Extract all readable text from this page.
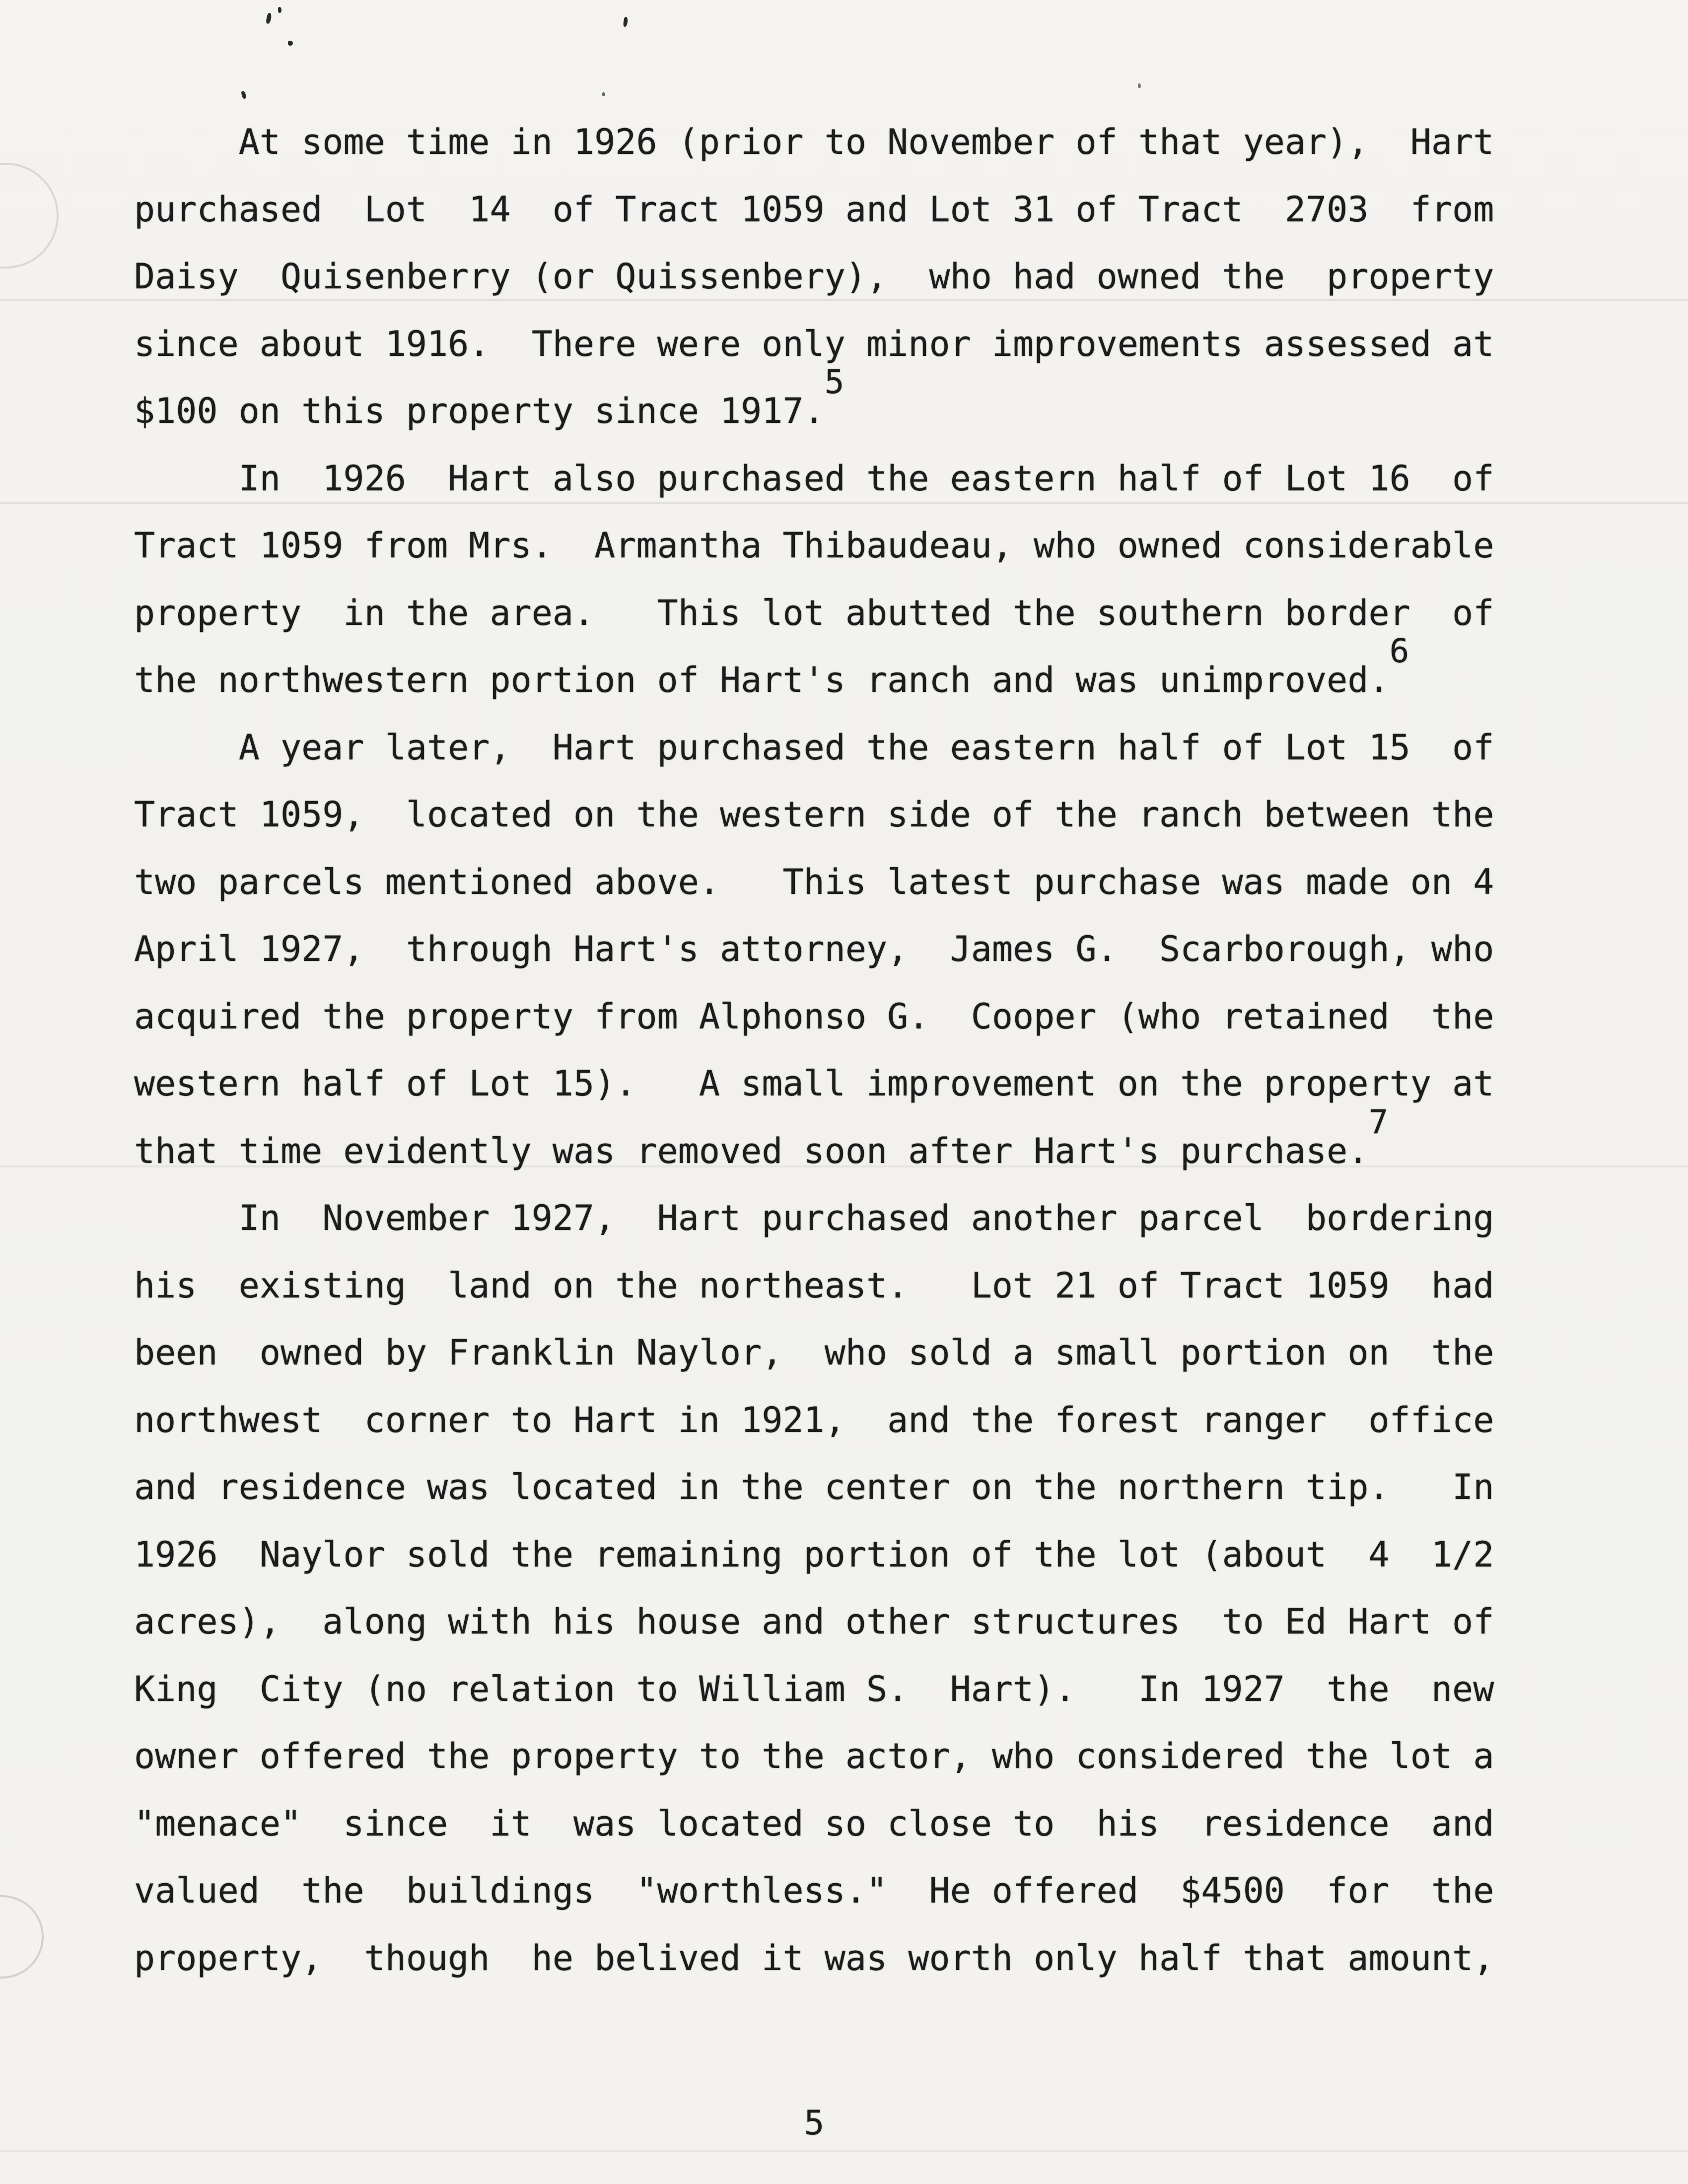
At some time in 1926 (prior to November of that year),  Hart
purchased  Lot  14  of Tract 1059 and Lot 31 of Tract  2703  from
Daisy  Quisenberry (or Quissenbery),  who had owned the  property
since about 1916.  There were only minor improvements assessed at
$100 on this property since 1917.5
In  1926  Hart also purchased the eastern half of Lot 16  of
Tract 1059 from Mrs.  Armantha Thibaudeau, who owned considerable
property  in the area.   This lot abutted the southern border  of
the northwestern portion of Hart's ranch and was unimproved.6
A year later,  Hart purchased the eastern half of Lot 15  of
Tract 1059,  located on the western side of the ranch between the
two parcels mentioned above.   This latest purchase was made on 4
April 1927,  through Hart's attorney,  James G.  Scarborough, who
acquired the property from Alphonso G.  Cooper (who retained  the
western half of Lot 15).   A small improvement on the property at
that time evidently was removed soon after Hart's purchase.7
In  November 1927,  Hart purchased another parcel  bordering
his  existing  land on the northeast.   Lot 21 of Tract 1059  had
been  owned by Franklin Naylor,  who sold a small portion on  the
northwest  corner to Hart in 1921,  and the forest ranger  office
and residence was located in the center on the northern tip.   In
1926  Naylor sold the remaining portion of the lot (about  4  1/2
acres),  along with his house and other structures  to Ed Hart of
King  City (no relation to William S.  Hart).   In 1927  the  new
owner offered the property to the actor, who considered the lot a
"menace"  since  it  was located so close to  his  residence  and
valued  the  buildings  "worthless."  He offered  $4500  for  the
property,  though  he belived it was worth only half that amount,
5
